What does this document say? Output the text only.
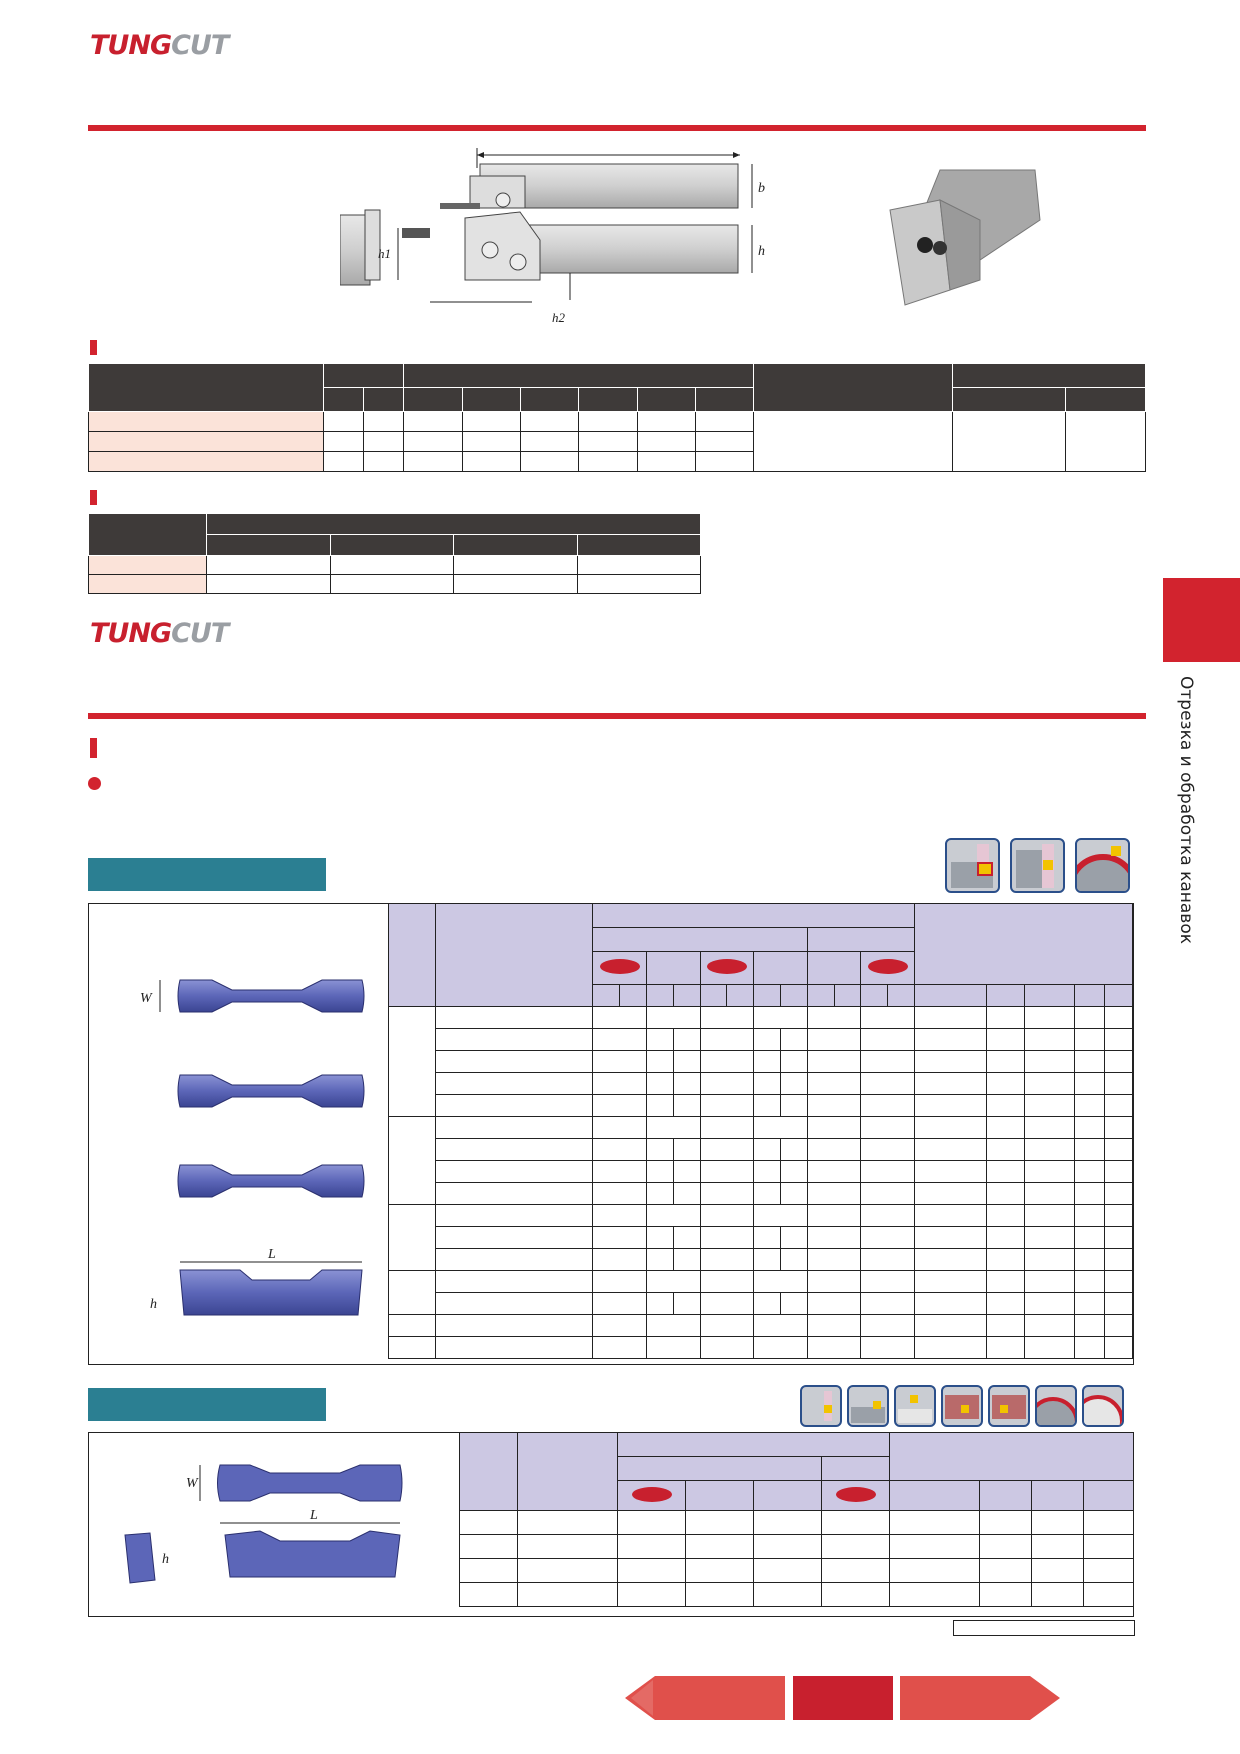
TUNGCUT
b
h
h1
h2

TUNGCUT
Отрезка и обработка канавок
W
L
h

W
L
h
